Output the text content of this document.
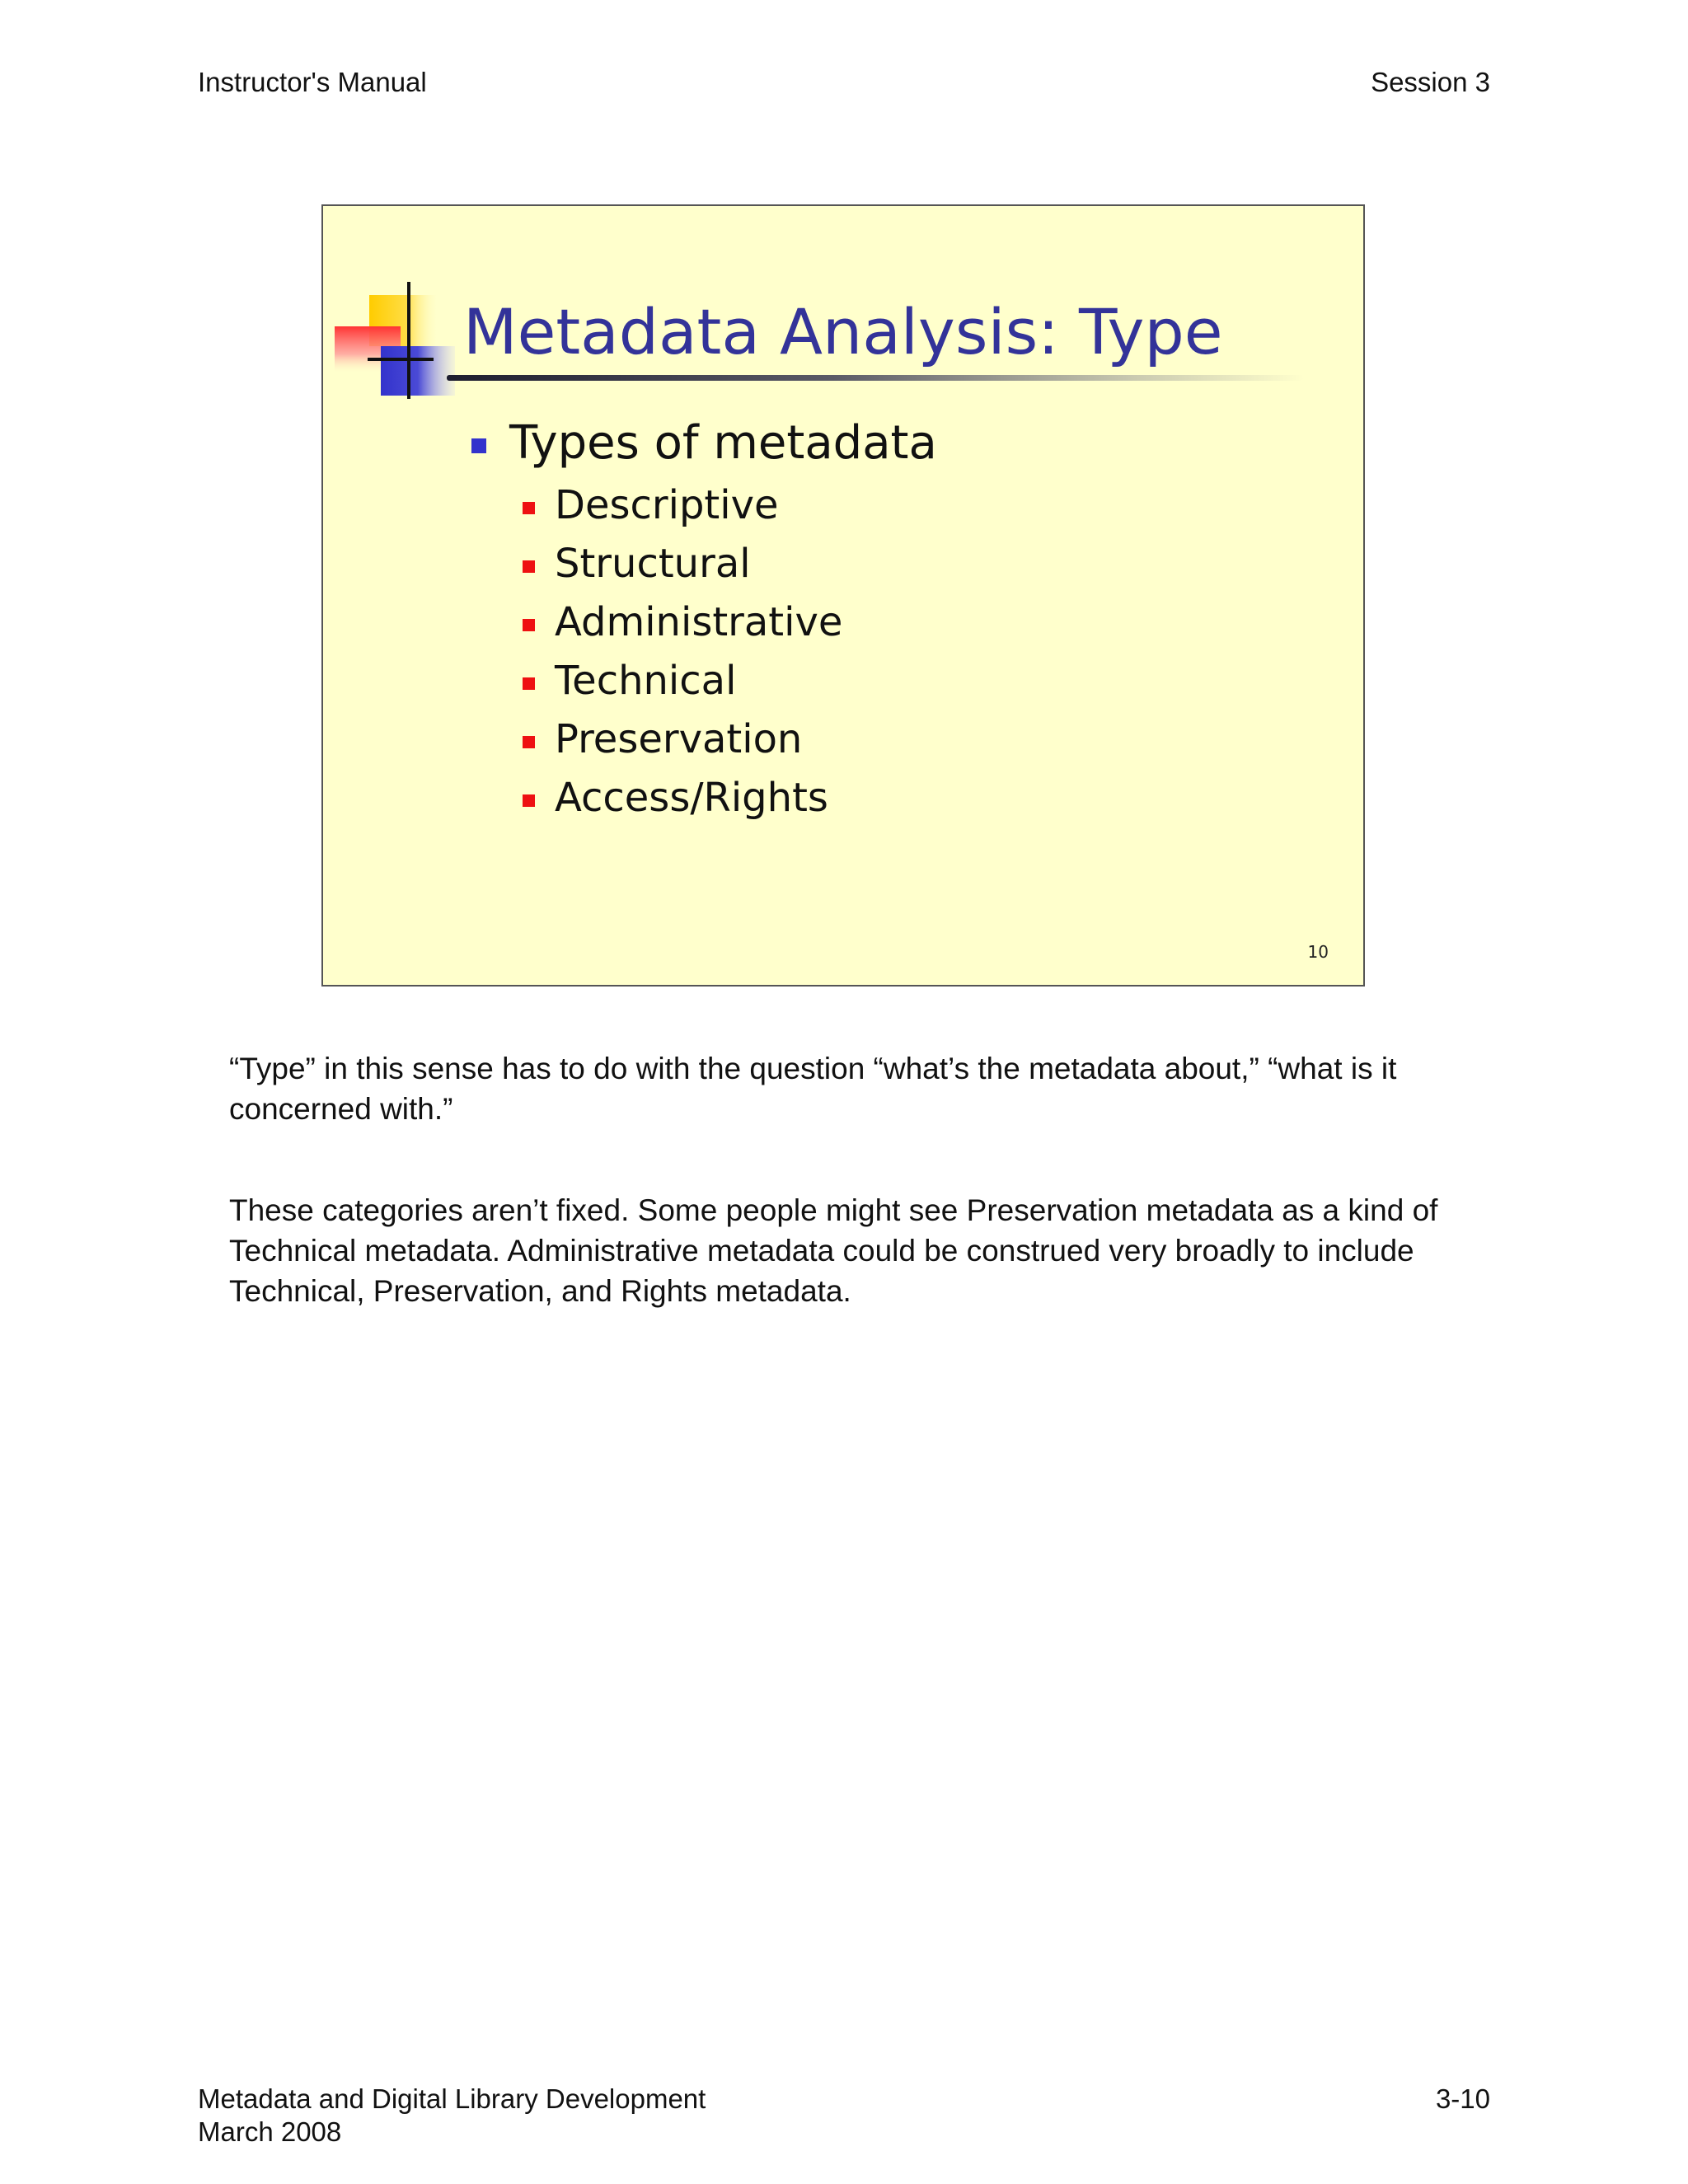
Instructor's Manual	Session 3
Metadata Analysis: Type
Types of metadata
Descriptive
Structural
Administrative
Technical
Preservation
Access/Rights
10

“Type” in this sense has to do with the question “what’s the metadata about,” “what is it concerned with.”

These categories aren’t fixed. Some people might see Preservation metadata as a kind of Technical metadata. Administrative metadata could be construed very broadly to include Technical, Preservation, and Rights metadata.

Metadata and Digital Library Development
March 2008
3-10
